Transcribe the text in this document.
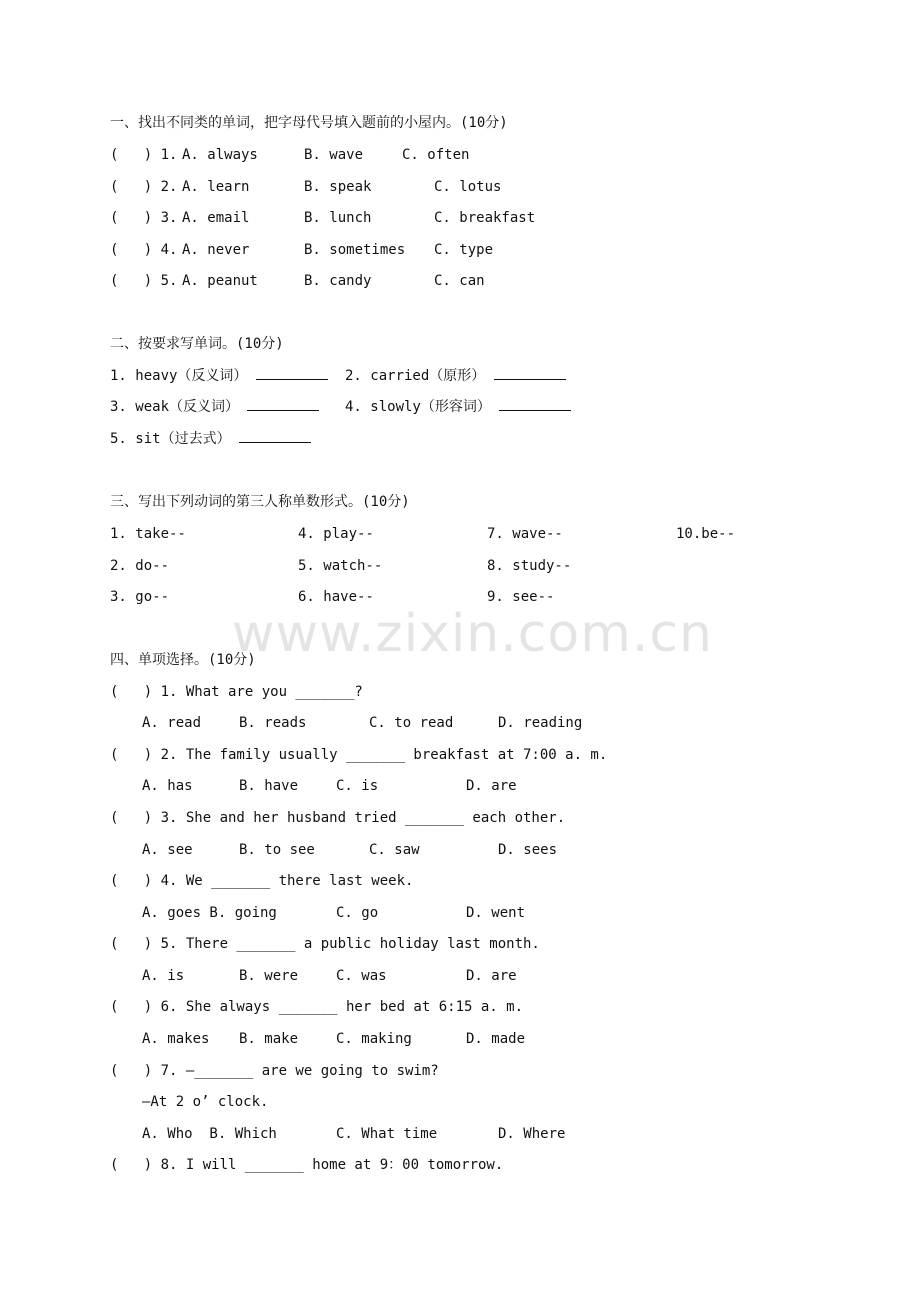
www.zixin.com.cn
一、找出不同类的单词，把字母代号填入题前的小屋内。(10分)
(   ) 1. A. always	B. wave	C. often
(   ) 2. A. learn	B. speak	C. lotus
(   ) 3. A. email	B. lunch	C. breakfast
(   ) 4. A. never	B. sometimes C. type
(   ) 5. A. peanut	B. candy	C. can
二、按要求写单词。(10分)
1. heavy（反义词）	2. carried（原形）
3. weak（反义词）	4. slowly（形容词）
5. sit（过去式）
三、写出下列动词的第三人称单数形式。(10分)
1. take--	4. play--	7. wave--	10.be--
2. do--	5. watch--	8. study--
3. go--	6. have--	9. see--
四、单项选择。(10分)
(   ) 1. What are you _______?
A. read	B. reads	C. to read	D. reading
(   ) 2. The family usually _______ breakfast at 7:00 a. m.
A. has	B. have	C. is	D. are
(   ) 3. She and her husband tried _______ each other.
A. see	B. to see	C. saw	D. sees
(   ) 4. We _______ there last week.
A. goes B. going	C. go	D. went
(   ) 5. There _______ a public holiday last month.
A. is	B. were	C. was	D. are
(   ) 6. She always _______ her bed at 6:15 a. m.
A. makes B. make	C. making	D. made
(   ) 7. —_______ are we going to swim?
—At 2 o’ clock.
A. Who  B. Which	C. What time	D. Where
(   ) 8. I will _______ home at 9：00 tomorrow.
